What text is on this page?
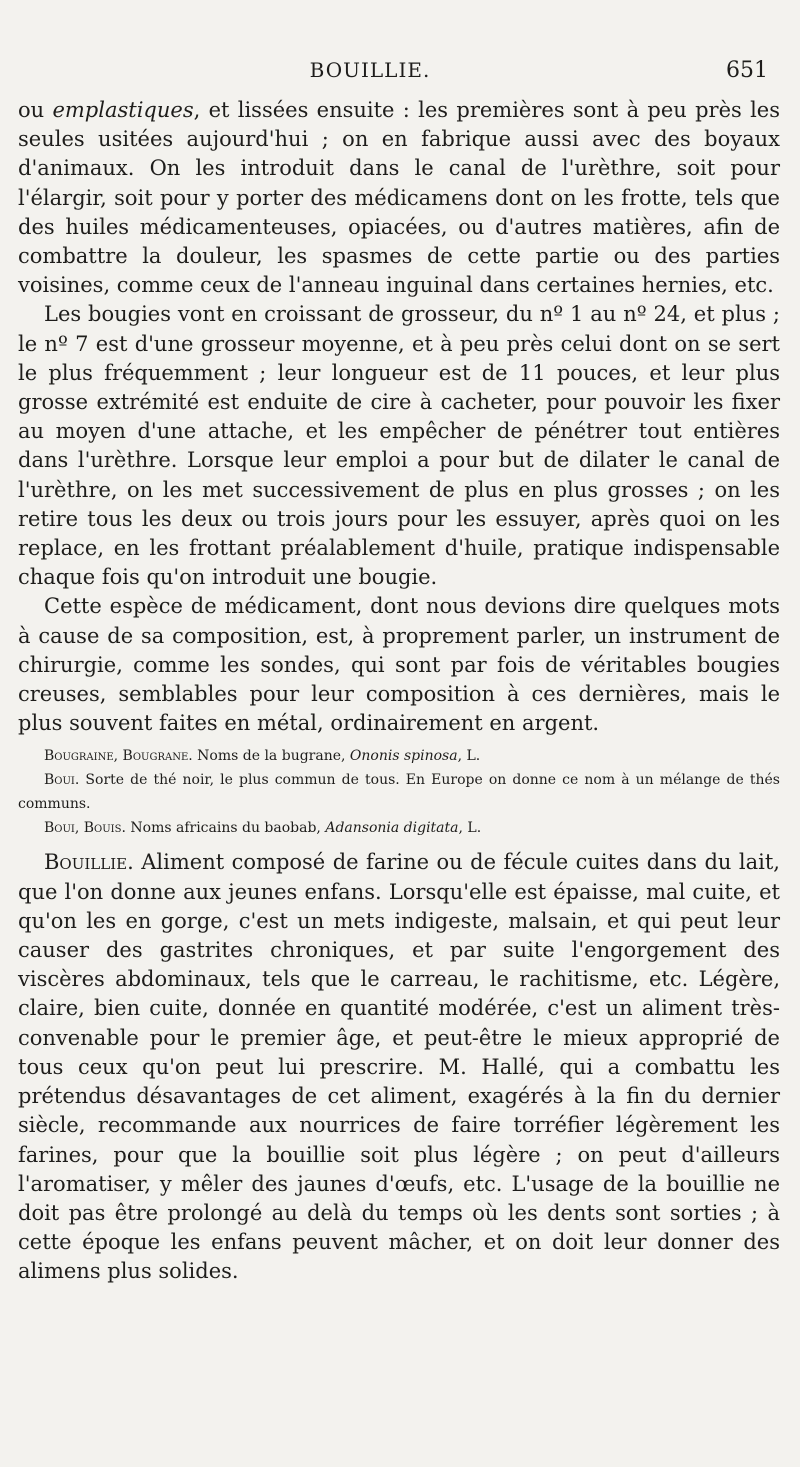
BOUILLIE.	651

ou emplastiques, et lissées ensuite : les premières sont à peu près les seules usitées aujourd'hui ; on en fabrique aussi avec des boyaux d'animaux. On les introduit dans le canal de l'urèthre, soit pour l'élargir, soit pour y porter des médicamens dont on les frotte, tels que des huiles médicamenteuses, opiacées, ou d'autres matières, afin de combattre la douleur, les spasmes de cette partie ou des parties voisines, comme ceux de l'anneau inguinal dans certaines hernies, etc.

Les bougies vont en croissant de grosseur, du nº 1 au nº 24, et plus ; le nº 7 est d'une grosseur moyenne, et à peu près celui dont on se sert le plus fréquemment ; leur longueur est de 11 pouces, et leur plus grosse extrémité est enduite de cire à cacheter, pour pouvoir les fixer au moyen d'une attache, et les empêcher de pénétrer tout entières dans l'urèthre. Lorsque leur emploi a pour but de dilater le canal de l'urèthre, on les met successivement de plus en plus grosses ; on les retire tous les deux ou trois jours pour les essuyer, après quoi on les replace, en les frottant préalablement d'huile, pratique indispensable chaque fois qu'on introduit une bougie.

Cette espèce de médicament, dont nous devions dire quelques mots à cause de sa composition, est, à proprement parler, un instrument de chirurgie, comme les sondes, qui sont par fois de véritables bougies creuses, semblables pour leur composition à ces dernières, mais le plus souvent faites en métal, ordinairement en argent.

Bougraine, Bougrane. Noms de la bugrane, Ononis spinosa, L.

Boui. Sorte de thé noir, le plus commun de tous. En Europe on donne ce nom à un mélange de thés communs.

Boui, Bouis. Noms africains du baobab, Adansonia digitata, L.

Bouillie. Aliment composé de farine ou de fécule cuites dans du lait, que l'on donne aux jeunes enfans. Lorsqu'elle est épaisse, mal cuite, et qu'on les en gorge, c'est un mets indigeste, malsain, et qui peut leur causer des gastrites chroniques, et par suite l'engorgement des viscères abdominaux, tels que le carreau, le rachitisme, etc. Légère, claire, bien cuite, donnée en quantité modérée, c'est un aliment très-convenable pour le premier âge, et peut-être le mieux approprié de tous ceux qu'on peut lui prescrire. M. Hallé, qui a combattu les prétendus désavantages de cet aliment, exagérés à la fin du dernier siècle, recommande aux nourrices de faire torréfier légèrement les farines, pour que la bouillie soit plus légère ; on peut d'ailleurs l'aromatiser, y mêler des jaunes d'œufs, etc. L'usage de la bouillie ne doit pas être prolongé au delà du temps où les dents sont sorties ; à cette époque les enfans peuvent mâcher, et on doit leur donner des alimens plus solides.
